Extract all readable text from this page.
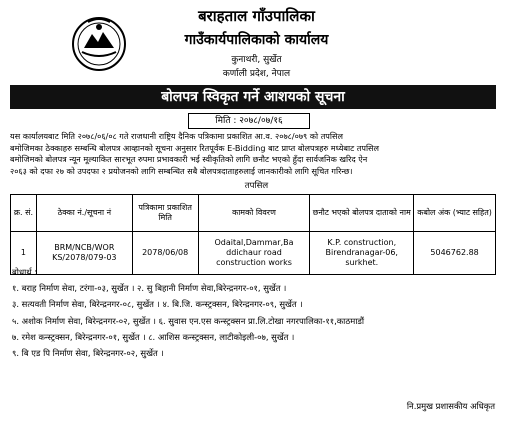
बराहताल गाँउपालिका
गाउँकार्यपालिकाको कार्यालय
कुनाथरी, सुर्खेत
कर्णाली प्रदेश, नेपाल
बोलपत्र स्विकृत गर्ने आशयको सूचना
मिति : २०७८/०७/१६
यस कार्यालयबाट मिति २०७८/०६/०८ गते राजधानी राष्ट्रिय दैनिक पत्रिकामा प्रकाशित आ.व. २०७८/०७९ को तपसिल
बमोजिमका ठेक्काहरु सम्बन्धि बोलपत्र आव्हानको सूचना अनुसार रितपूर्वक E-Bidding बाट प्राप्त बोलपत्रहरु मध्येबाट तपसिल
बमोजिमको बोलपत्र न्यून मूल्याकित सारभूत रुपमा प्रभावकारी भई स्वीकृतिको लागि छनौट भएको हुँदा सार्वजनिक खरिद ऐन
२०६३ को दफा २७ को उपदफा २ प्रयोजनको लागि सम्बन्धित सबै बोलपत्रदाताहरुलाई जानकारीको लागि सूचित गरिन्छ।
तपसिल
क्र. सं.	ठेक्का नं./सूचना नं	पत्रिकामा प्रकाशित मिति	कामको विवरण	छनौट भएको बोलपत्र दाताको नाम	कबोल अंक (भ्याट सहित)
1	BRM/NCB/WOR
KS/2078/079-03	2078/06/08	Odaital,Dammar,Ba
ddichaur road
construction works	K.P. construction,
Birendranagar-06,
surkhet.	5046762.88
बोधार्थ :
१. बराह निर्माण सेवा, टरंगा-०३, सुर्खेत । २. सु बिहानी निर्माण सेवा,बिरेन्द्रनगर-०१, सुर्खेत ।
३. सत्यवती निर्माण सेवा, बिरेन्द्रनगर-०८, सुर्खेत । ४. बि.जि. कन्स्ट्रक्सन, बिरेन्द्रनगर-०९, सुर्खेत ।
५. अशोक निर्माण सेवा, बिरेन्द्रनगर-०२, सुर्खेत । ६. सुवास एन.एस कन्स्ट्रक्सन प्रा.लि.टोखा नगरपालिका-११,काठमाडौं
७. रमेश कन्स्ट्रक्सन, बिरेन्द्रनगर-०१, सुर्खेत । ८. आशिस कन्स्ट्रक्सन, लाटीकोइली-०७, सुर्खेत ।
९. बि एड पि निर्माण सेवा, बिरेन्द्रनगर-०२, सुर्खेत ।
नि.प्रमुख प्रशासकीय अधिकृत
